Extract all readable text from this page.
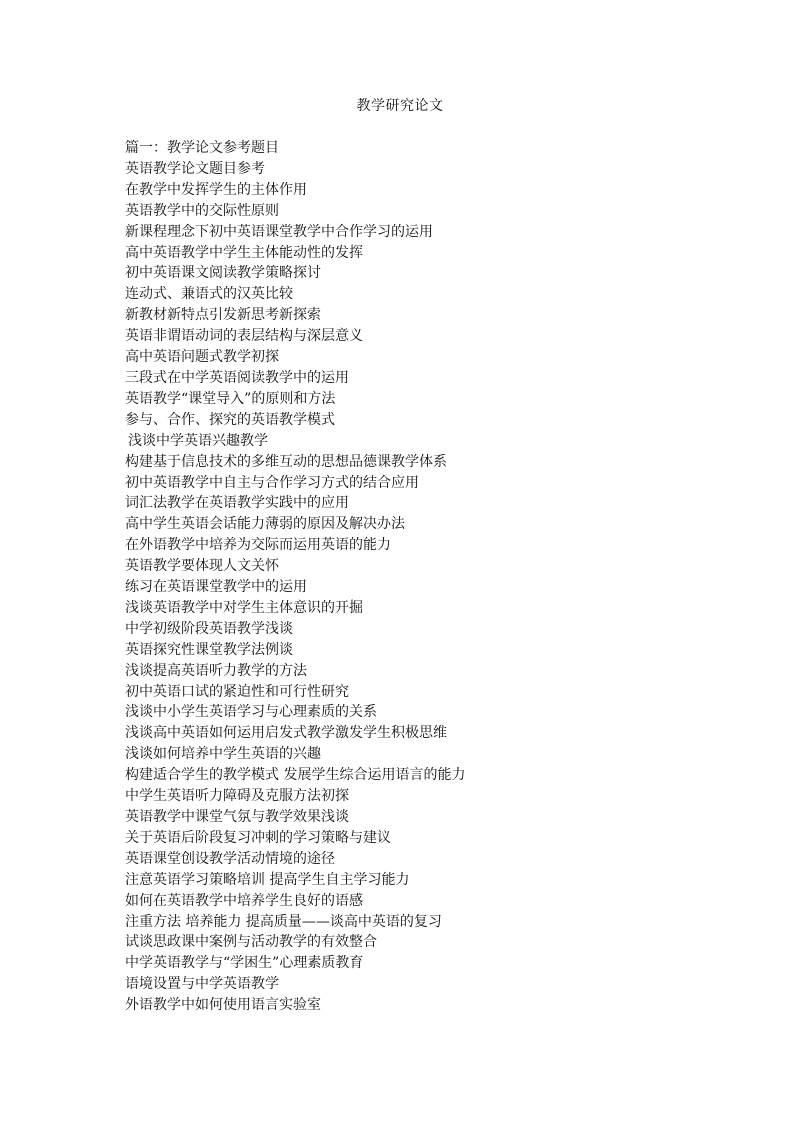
教学研究论文
篇一：教学论文参考题目
英语教学论文题目参考
在教学中发挥学生的主体作用
英语教学中的交际性原则
新课程理念下初中英语课堂教学中合作学习的运用
高中英语教学中学生主体能动性的发挥
初中英语课文阅读教学策略探讨
连动式、兼语式的汉英比较
新教材新特点引发新思考新探索
英语非谓语动词的表层结构与深层意义
高中英语问题式教学初探
三段式在中学英语阅读教学中的运用
英语教学“课堂导入”的原则和方法
参与、合作、探究的英语教学模式
浅谈中学英语兴趣教学
构建基于信息技术的多维互动的思想品德课教学体系
初中英语教学中自主与合作学习方式的结合应用
词汇法教学在英语教学实践中的应用
高中学生英语会话能力薄弱的原因及解决办法
在外语教学中培养为交际而运用英语的能力
英语教学要体现人文关怀
练习在英语课堂教学中的运用
浅谈英语教学中对学生主体意识的开掘
中学初级阶段英语教学浅谈
英语探究性课堂教学法例谈
浅谈提高英语听力教学的方法
初中英语口试的紧迫性和可行性研究
浅谈中小学生英语学习与心理素质的关系
浅谈高中英语如何运用启发式教学激发学生积极思维
浅谈如何培养中学生英语的兴趣
构建适合学生的教学模式 发展学生综合运用语言的能力
中学生英语听力障碍及克服方法初探
英语教学中课堂气氛与教学效果浅谈
关于英语后阶段复习冲刺的学习策略与建议
英语课堂创设教学活动情境的途径
注意英语学习策略培训 提高学生自主学习能力
如何在英语教学中培养学生良好的语感
注重方法 培养能力 提高质量——谈高中英语的复习
试谈思政课中案例与活动教学的有效整合
中学英语教学与“学困生”心理素质教育
语境设置与中学英语教学
外语教学中如何使用语言实验室
